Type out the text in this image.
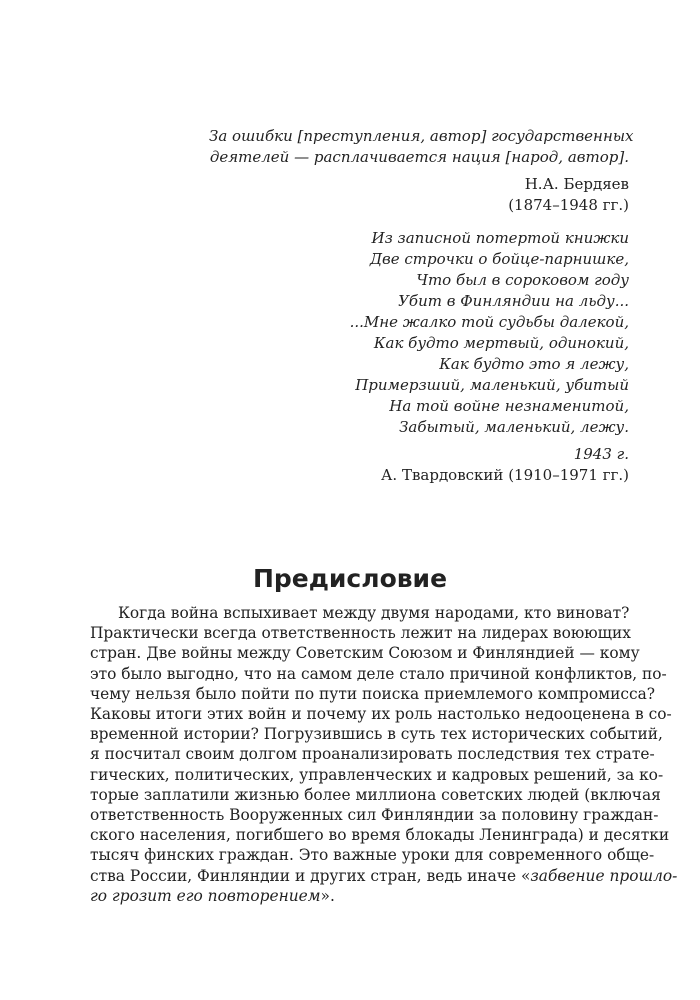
За ошибки [преступления, автор] государственных
деятелей — расплачивается нация [народ, автор].
Н.А. Бердяев
(1874–1948 гг.)
Из записной потертой книжки
Две строчки о бойце-парнишке,
Что был в сороковом году
Убит в Финляндии на льду...
...Мне жалко той судьбы далекой,
Как будто мертвый, одинокий,
Как будто это я лежу,
Примерзший, маленький, убитый
На той войне незнаменитой,
Забытый, маленький, лежу.
1943 г.
А. Твардовский (1910–1971 гг.)
Предисловие
Когда война вспыхивает между двумя народами, кто виноват?
Практически всегда ответственность лежит на лидерах воюющих
стран. Две войны между Советским Союзом и Финляндией — кому
это было выгодно, что на самом деле стало причиной конфликтов, по-
чему нельзя было пойти по пути поиска приемлемого компромисса?
Каковы итоги этих войн и почему их роль настолько недооценена в со-
временной истории? Погрузившись в суть тех исторических событий,
я посчитал своим долгом проанализировать последствия тех страте-
гических, политических, управленческих и кадровых решений, за ко-
торые заплатили жизнью более миллиона советских людей (включая
ответственность Вооруженных сил Финляндии за половину граждан-
ского населения, погибшего во время блокады Ленинграда) и десятки
тысяч финских граждан. Это важные уроки для современного обще-
ства России, Финляндии и других стран, ведь иначе «забвение прошло-
го грозит его повторением».
